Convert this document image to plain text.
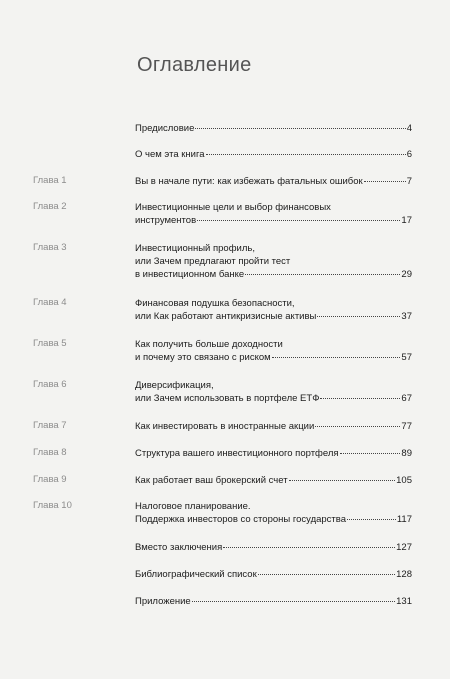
Оглавление
Предисловие	4
О чем эта книга	6
Глава 1	Вы в начале пути: как избежать фатальных ошибок	7
Глава 2	Инвестиционные цели и выбор финансовых
инструментов	17
Глава 3	Инвестиционный профиль,
или Зачем предлагают пройти тест
в инвестиционном банке	29
Глава 4	Финансовая подушка безопасности,
или Как работают антикризисные активы	37
Глава 5	Как получить больше доходности
и почему это связано с риском	57
Глава 6	Диверсификация,
или Зачем использовать в портфеле ETФ	67
Глава 7	Как инвестировать в иностранные акции	77
Глава 8	Структура вашего инвестиционного портфеля	89
Глава 9	Как работает ваш брокерский счет	105
Глава 10	Налоговое планирование.
Поддержка инвесторов со стороны государства	117
Вместо заключения	127
Библиографический список	128
Приложение	131
